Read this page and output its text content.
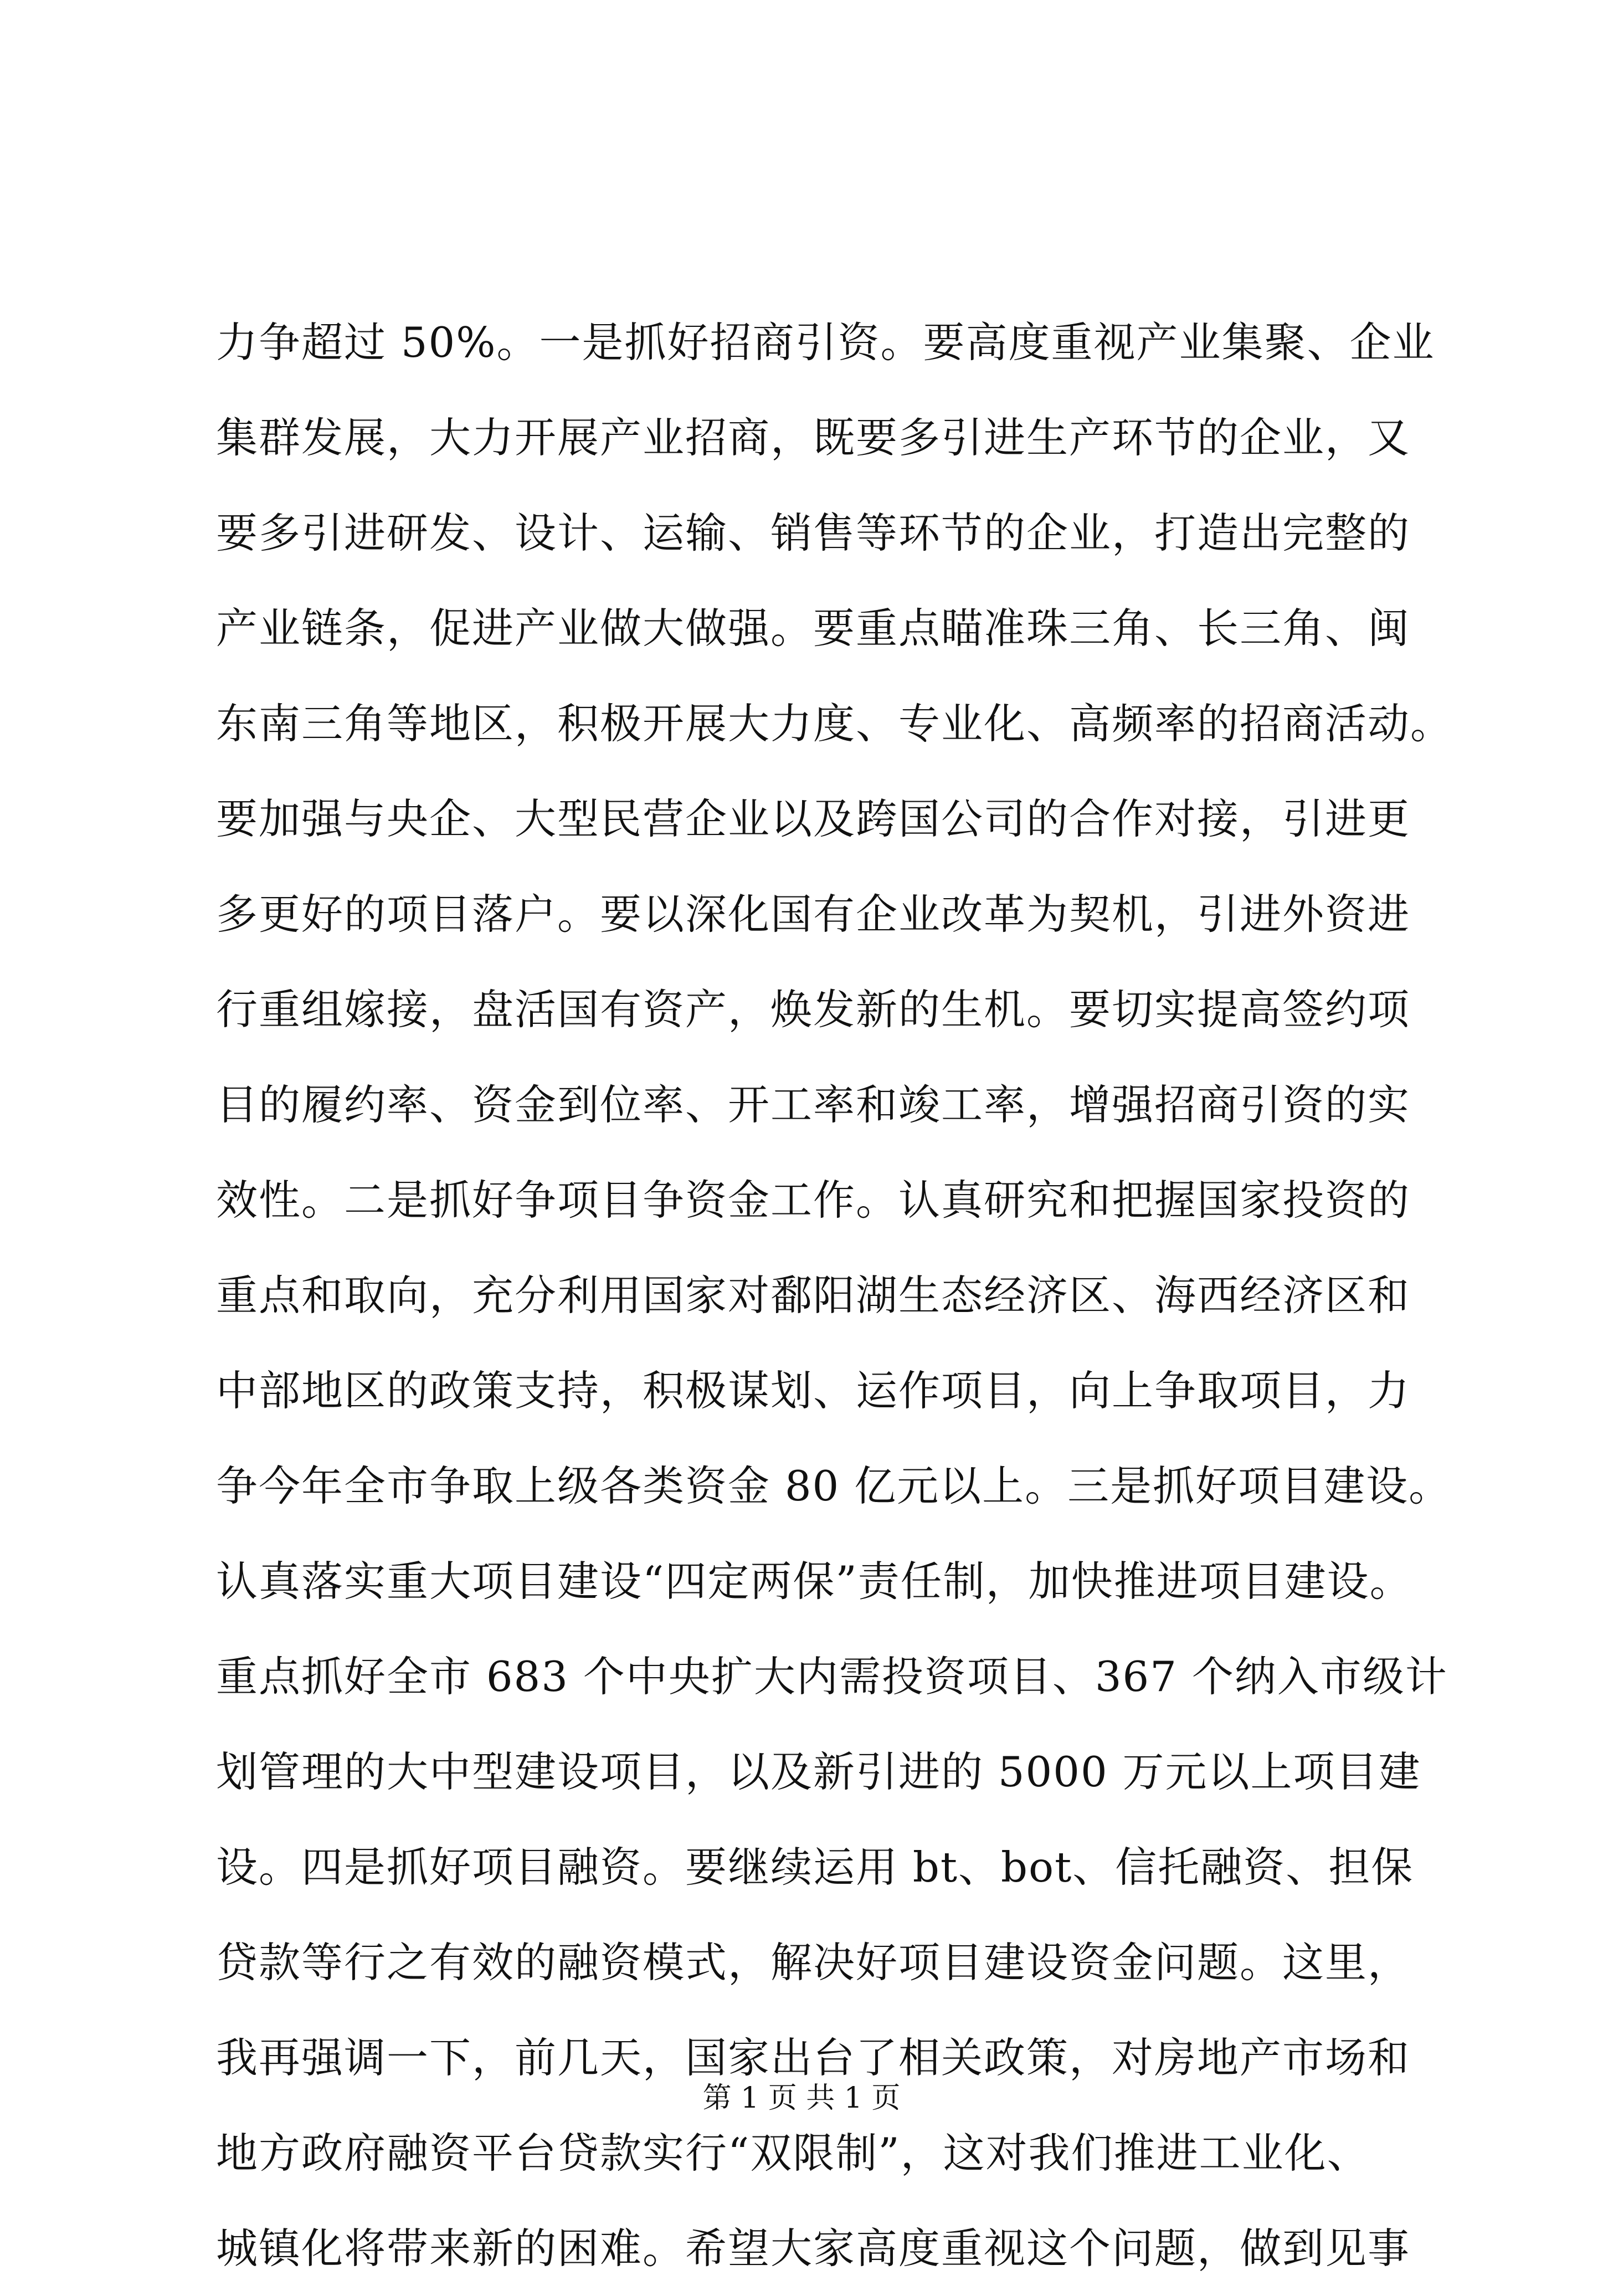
力争超过 50%。一是抓好招商引资。要高度重视产业集聚、企业
集群发展，大力开展产业招商，既要多引进生产环节的企业，又
要多引进研发、设计、运输、销售等环节的企业，打造出完整的
产业链条，促进产业做大做强。要重点瞄准珠三角、长三角、闽
东南三角等地区，积极开展大力度、专业化、高频率的招商活动。
要加强与央企、大型民营企业以及跨国公司的合作对接，引进更
多更好的项目落户。要以深化国有企业改革为契机，引进外资进
行重组嫁接，盘活国有资产，焕发新的生机。要切实提高签约项
目的履约率、资金到位率、开工率和竣工率，增强招商引资的实
效性。二是抓好争项目争资金工作。认真研究和把握国家投资的
重点和取向，充分利用国家对鄱阳湖生态经济区、海西经济区和
中部地区的政策支持，积极谋划、运作项目，向上争取项目，力
争今年全市争取上级各类资金 80 亿元以上。三是抓好项目建设。
认真落实重大项目建设“四定两保”责任制，加快推进项目建设。
重点抓好全市 683 个中央扩大内需投资项目、367 个纳入市级计
划管理的大中型建设项目，以及新引进的 5000 万元以上项目建
设。四是抓好项目融资。要继续运用 bt、bot、信托融资、担保
贷款等行之有效的融资模式，解决好项目建设资金问题。这里，
我再强调一下，前几天，国家出台了相关政策，对房地产市场和
地方政府融资平台贷款实行“双限制”，这对我们推进工业化、
城镇化将带来新的困难。希望大家高度重视这个问题，做到见事
第 1 页 共 1 页
